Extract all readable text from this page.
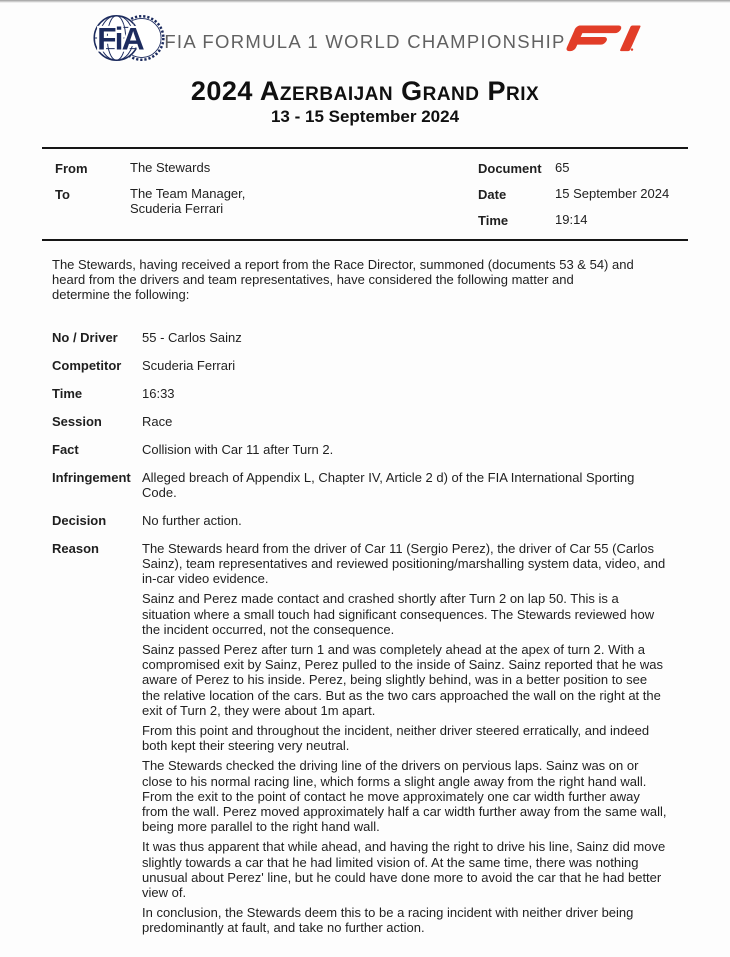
FiA	FIA FORMULA 1 WORLD CHAMPIONSHIP
2024 Azerbaijan Grand Prix
13 - 15 September 2024
From	The Stewards
To	The Team Manager,
Scuderia Ferrari
Document 65
Date	15 September 2024
Time	19:14
The Stewards, having received a report from the Race Director, summoned (documents 53 & 54) and heard from the drivers and team representatives, have considered the following matter and determine the following:
No / Driver	55 - Carlos Sainz
Competitor	Scuderia Ferrari
Time	16:33
Session	Race
Fact	Collision with Car 11 after Turn 2.
Infringement Alleged breach of Appendix L, Chapter IV, Article 2 d) of the FIA International Sporting Code.
Decision	No further action.
Reason	The Stewards heard from the driver of Car 11 (Sergio Perez), the driver of Car 55 (Carlos Sainz), team representatives and reviewed positioning/marshalling system data, video, and in-car video evidence.

Sainz and Perez made contact and crashed shortly after Turn 2 on lap 50. This is a situation where a small touch had significant consequences. The Stewards reviewed how the incident occurred, not the consequence.

Sainz passed Perez after turn 1 and was completely ahead at the apex of turn 2. With a compromised exit by Sainz, Perez pulled to the inside of Sainz. Sainz reported that he was aware of Perez to his inside. Perez, being slightly behind, was in a better position to see the relative location of the cars. But as the two cars approached the wall on the right at the exit of Turn 2, they were about 1m apart.

From this point and throughout the incident, neither driver steered erratically, and indeed both kept their steering very neutral.

The Stewards checked the driving line of the drivers on pervious laps. Sainz was on or close to his normal racing line, which forms a slight angle away from the right hand wall. From the exit to the point of contact he move approximately one car width further away from the wall. Perez moved approximately half a car width further away from the same wall, being more parallel to the right hand wall.

It was thus apparent that while ahead, and having the right to drive his line, Sainz did move slightly towards a car that he had limited vision of. At the same time, there was nothing unusual about Perez' line, but he could have done more to avoid the car that he had better view of.

In conclusion, the Stewards deem this to be a racing incident with neither driver being predominantly at fault, and take no further action.
